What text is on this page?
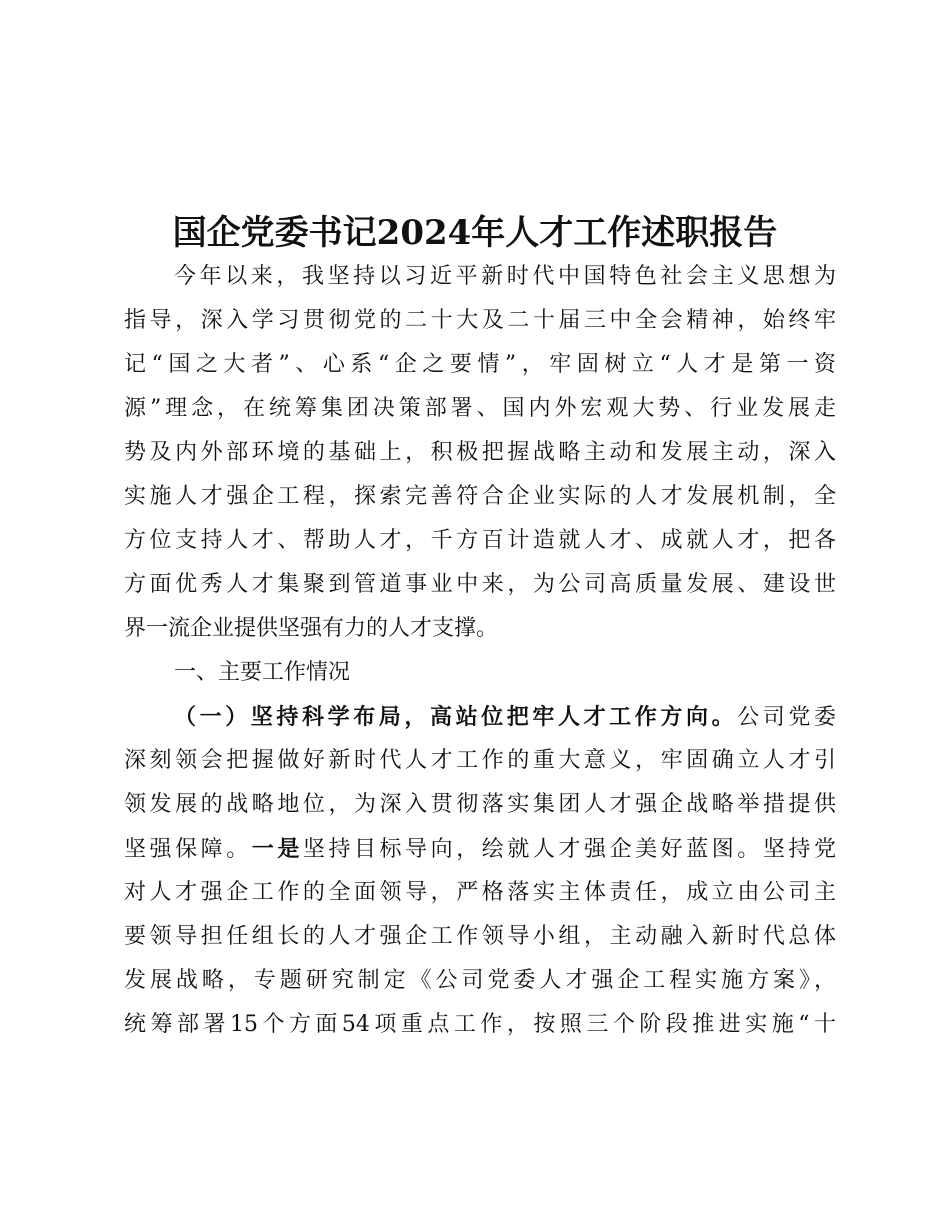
国企党委书记2024年人才工作述职报告
今年以来，我坚持以习近平新时代中国特色社会主义思想为
指导，深入学习贯彻党的二十大及二十届三中全会精神，始终牢
记“国之大者”、心系“企之要情”，牢固树立“人才是第一资
源”理念，在统筹集团决策部署、国内外宏观大势、行业发展走
势及内外部环境的基础上，积极把握战略主动和发展主动，深入
实施人才强企工程，探索完善符合企业实际的人才发展机制，全
方位支持人才、帮助人才，千方百计造就人才、成就人才，把各
方面优秀人才集聚到管道事业中来，为公司高质量发展、建设世
界一流企业提供坚强有力的人才支撑。
一、主要工作情况
（一）坚持科学布局，高站位把牢人才工作方向。公司党委
深刻领会把握做好新时代人才工作的重大意义，牢固确立人才引
领发展的战略地位，为深入贯彻落实集团人才强企战略举措提供
坚强保障。一是坚持目标导向，绘就人才强企美好蓝图。坚持党
对人才强企工作的全面领导，严格落实主体责任，成立由公司主
要领导担任组长的人才强企工作领导小组，主动融入新时代总体
发展战略，专题研究制定《公司党委人才强企工程实施方案》，
统筹部署15个方面54项重点工作，按照三个阶段推进实施“十
